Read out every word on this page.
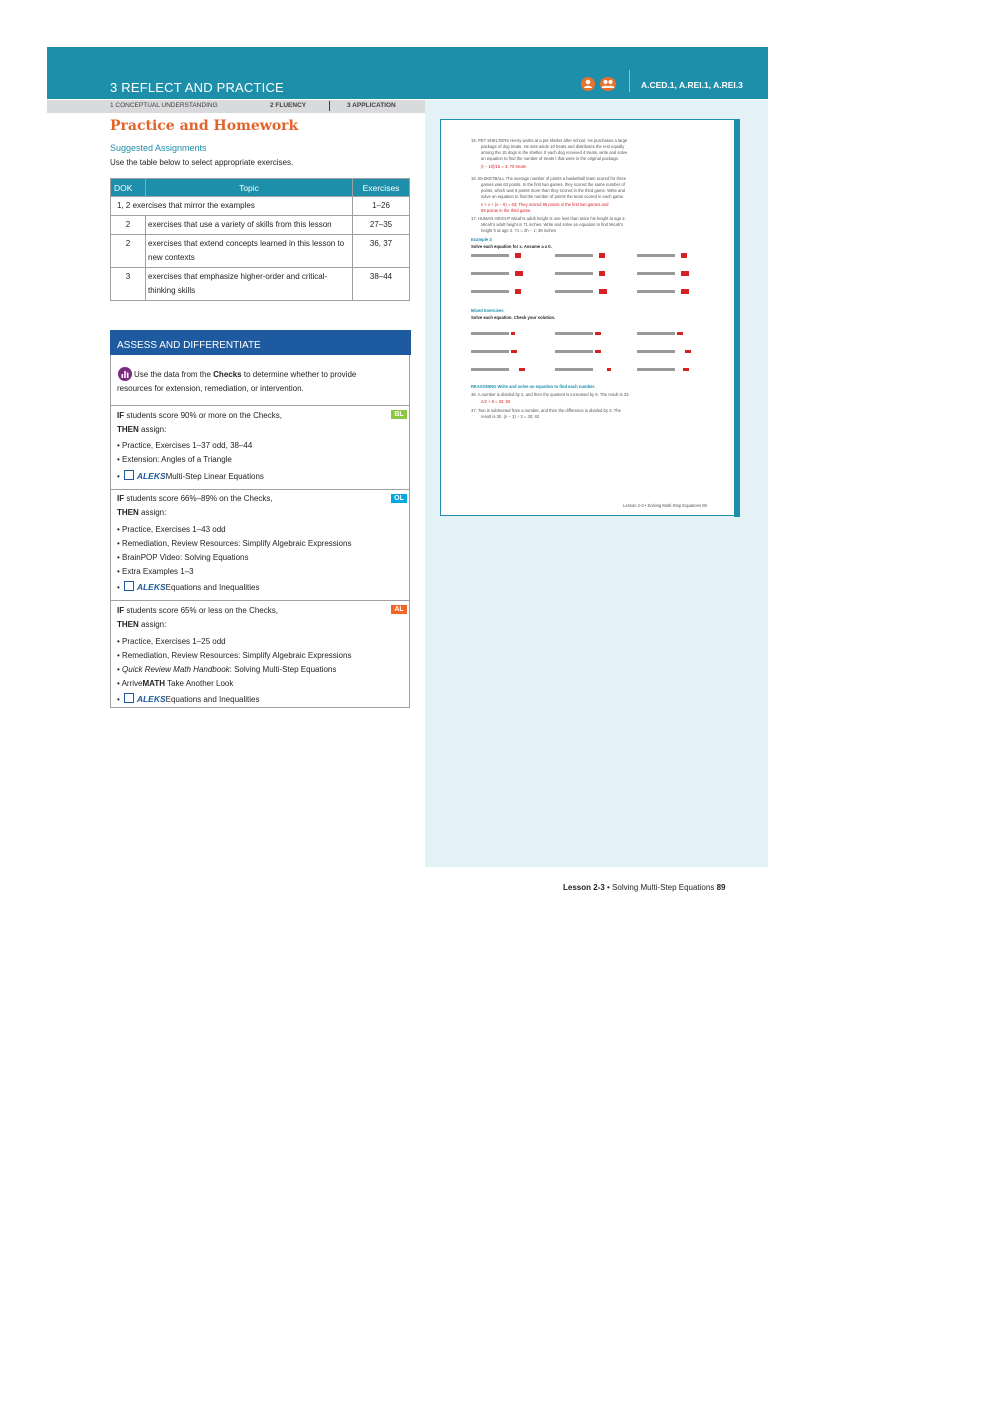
3 REFLECT AND PRACTICE	A.CED.1, A.REI.1, A.REI.3
1 CONCEPTUAL UNDERSTANDING	2 FLUENCY	3 APPLICATION
15. PET SHELTERS Henry works at a pet shelter after school. He purchases a large
package of dog treats. He sets aside 10 treats and distributes the rest equally
among the 15 dogs in the shelter. If each dog received 4 treats, write and solve
an equation to find the number of treats t that were in the original package.
(t − 10)/15 = 4; 70 treats
16. BASKETBALL The average number of points a basketball team scored for three
games was 63 points. In the first two games, they scored the same number of
points, which was 6 points more than they scored in the third game. Write and
solve an equation to find the number of points the team scored in each game.
x + x + (x − 6) = 63; They scored 65 points in the first two games and
59 points in the third game.
17. HUMAN HEIGHT Micah's adult height is one less than twice his height at age 2.
Micah's adult height is 71 inches. Write and solve an equation to find Micah's
height h at age 2. 71 = 2h − 1; 36 inches
Example 3
Solve each equation for x. Assume a ≠ 0.
Mixed Exercises
Solve each equation. Check your solution.
REASONING Write and solve an equation to find each number.
36. A number is divided by 2, and then the quotient is increased by 8. The result is 33.
n/2 + 8 = 33; 50
37. Two is subtracted from a number, and then the difference is divided by 3. The
result is 30. (n − 2) ÷ 3 = 30; 92
Lesson 2-3 • Solving Multi-Step Equations 89
Practice and Homework
Suggested Assignments
Use the table below to select appropriate exercises.
DOK	Topic	Exercises
1, 2 exercises that mirror the examples		1–26
2	exercises that use a variety of skills from this lesson	27–35
2	exercises that extend concepts learned in this lesson to new contexts	36, 37
3	exercises that emphasize higher-order and critical-thinking skills	38–44
ASSESS AND DIFFERENTIATE
Use the data from the Checks to determine whether to provide
resources for extension, remediation, or intervention.
BL
IF students score 90% or more on the Checks,
THEN assign:
• Practice, Exercises 1–37 odd, 38–44
• Extension: Angles of a Triangle
• ALEKSMulti-Step Linear Equations
OL
IF students score 66%–89% on the Checks,
THEN assign:
• Practice, Exercises 1–43 odd
• Remediation, Review Resources: Simplify Algebraic Expressions
• BrainPOP Video: Solving Equations
• Extra Examples 1–3
• ALEKSEquations and Inequalities
AL
IF students score 65% or less on the Checks,
THEN assign:
• Practice, Exercises 1–25 odd
• Remediation, Review Resources: Simplify Algebraic Expressions
• Quick Review Math Handbook: Solving Multi-Step Equations
• ArriveMATH Take Another Look
• ALEKSEquations and Inequalities
Lesson 2-3 • Solving Multi-Step Equations 89
